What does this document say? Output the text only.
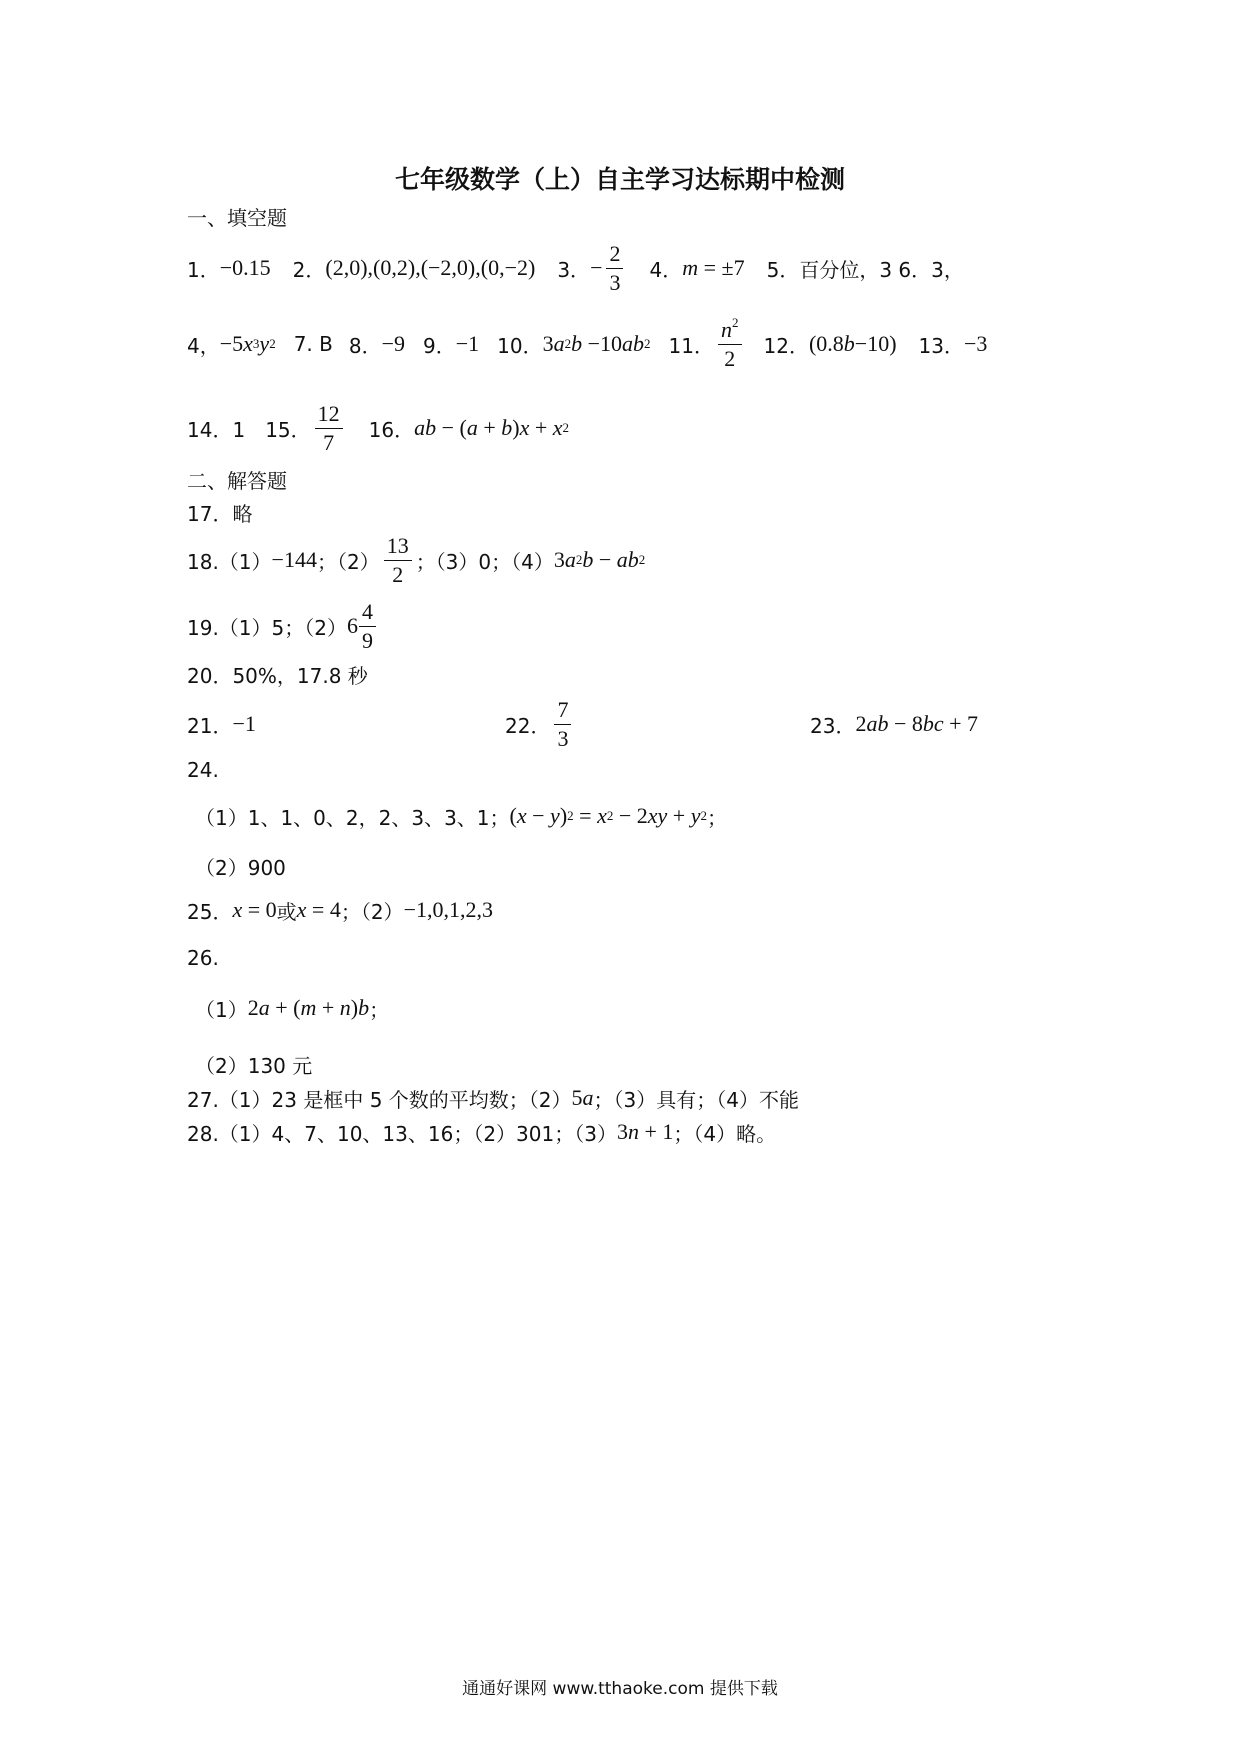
七年级数学（上）自主学习达标期中检测
一、填空题
1． −0.15 2． (2,0),(0,2),(−2,0),(0,−2) 3． − $\frac{2}{3} 4$． m
= ±7 5．百分位，3 6．3，
4， −5 x 3 y 2 7. B 8． −9 9． −1 10． 3 a 2 b
−10 ab 2 11． $\frac{n^2}{2} 12$． (0.8 b −10) 13． −3
14．1 15． $\frac{12}{7} 16$． ab − ( a + b ) x + x 2
二、解答题
17．略
18.（1） −144 ；$(2) \frac{13}{2}$ ；（3）0；（4） 3 a 2 b − ab 2
19.（1）5；（2） $6 \frac{4}{9}$
20．50%，17.8 秒
21． −1	22． $\frac{7}{3}$	23． 2 ab − 8 bc + 7
24.
（1）1、1、0、2，2、3、3、1； ( x − y ) 2 = x 2 − 2 xy + y 2 ；
（2）900
25． x = 0 或 x = 4 ；（2） −1,0,1,2,3
26.
（1） 2 a + ( m + n ) b ；
（2）130 元
27.（1）23 是框中 5 个数的平均数；（2） 5 a ；（3）具有；（4）不能
28.（1）4、7、10、13、16；（2）301；（3） 3 n + 1 ；（4）略。
通通好课网 www.tthaoke.com 提供下载
